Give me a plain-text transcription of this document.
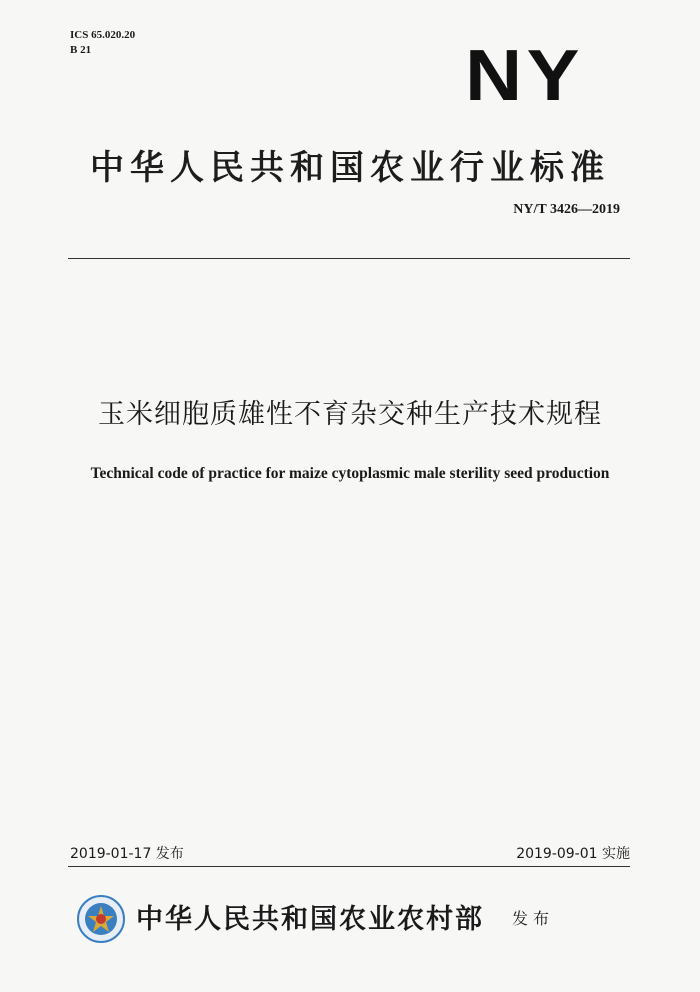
ICS 65.020.20
B 21	NY
中华人民共和国农业行业标准
NY/T 3426—2019
玉米细胞质雄性不育杂交种生产技术规程
Technical code of practice for maize cytoplasmic male sterility seed production
2019-01-17 发布	2019-09-01 实施
中华人民共和国农业农村部 发布
